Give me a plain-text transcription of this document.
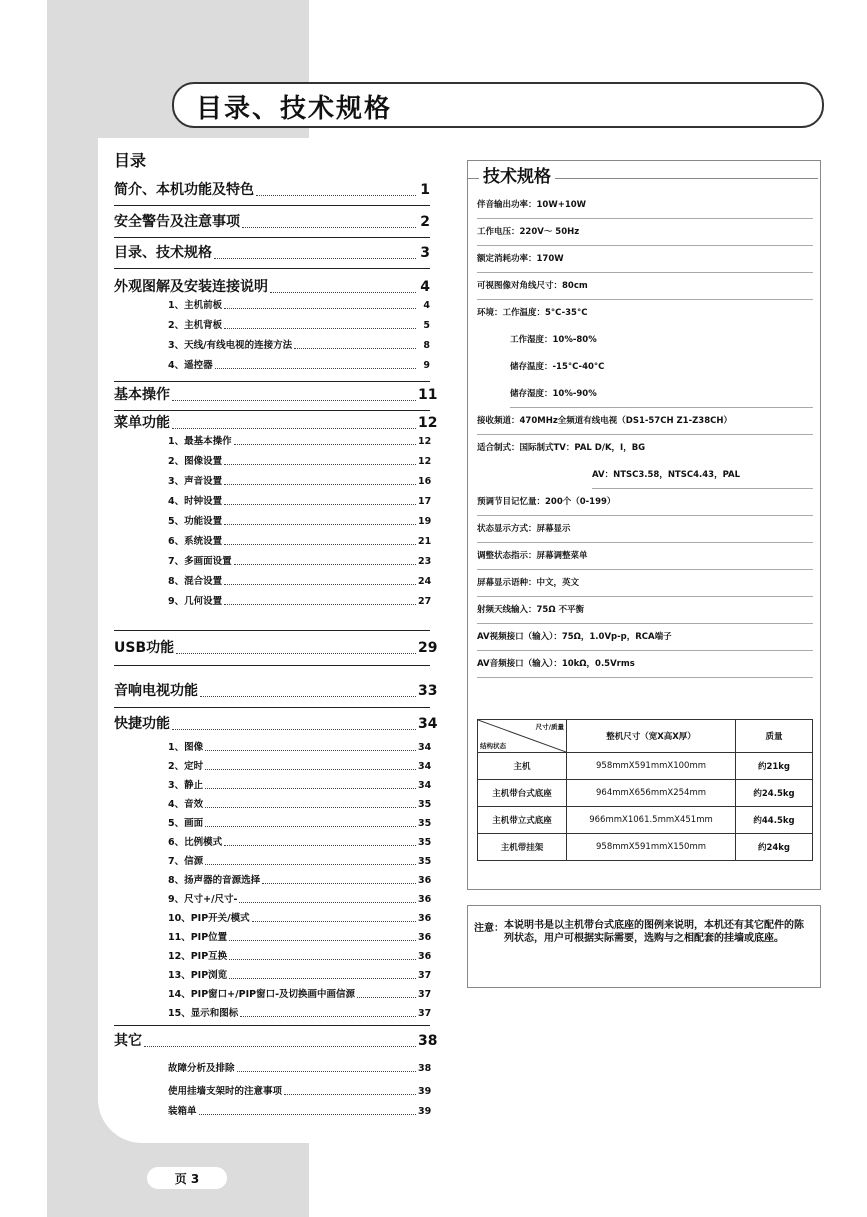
目录、技术规格
目录
简介、本机功能及特色	1
安全警告及注意事项	2
目录、技术规格	3
外观图解及安装连接说明	4
1、主机前板	4
2、主机背板	5
3、天线/有线电视的连接方法	8
4、遥控器	9
基本操作	11
菜单功能	12
1、最基本操作	12
2、图像设置	12
3、声音设置	16
4、时钟设置	17
5、功能设置	19
6、系统设置	21
7、多画面设置	23
8、混合设置	24
9、几何设置	27
USB功能	29
音响电视功能	33
快捷功能	34
1、图像	34
2、定时	34
3、静止	34
4、音效	35
5、画面	35
6、比例模式	35
7、信源	35
8、扬声器的音源选择	36
9、尺寸+/尺寸-	36
10、PIP开关/模式	36
11、PIP位置	36
12、PIP互换	36
13、PIP浏览	37
14、PIP窗口+/PIP窗口-及切换画中画信源	37
15、显示和图标	37
其它	38
故障分析及排除	38
使用挂墙支架时的注意事项	39
装箱单	39
技术规格
伴音输出功率：10W+10W
工作电压：220V～ 50Hz
额定消耗功率：170W
可视图像对角线尺寸：80cm
环境：工作温度：5°C-35°C
工作湿度：10%-80%
储存温度：-15°C-40°C
储存湿度：10%-90%
接收频道：470MHz全频道有线电视（DS1-57CH Z1-Z38CH）
适合制式：国际制式TV：PAL D/K，I，BG
AV：NTSC3.58，NTSC4.43，PAL
预调节目记忆量：200个（0-199）
状态显示方式：屏幕显示
调整状态指示：屏幕调整菜单
屏幕显示语种：中文，英文
射频天线输入：75Ω 不平衡
AV视频接口（输入）：75Ω，1.0Vp-p，RCA端子
AV音频接口（输入）：10kΩ，0.5Vrms
尺寸/质量
结构状态	整机尺寸（宽X高X厚）	质量
主机	958mmX591mmX100mm	约21kg
主机带台式底座	964mmX656mmX254mm	约24.5kg
主机带立式底座	966mmX1061.5mmX451mm	约44.5kg
主机带挂架	958mmX591mmX150mm	约24kg
注意： 本说明书是以主机带台式底座的图例来说明，本机还有其它配件的陈列状态，用户可根据实际需要，选购与之相配套的挂墙或底座。
页 3
